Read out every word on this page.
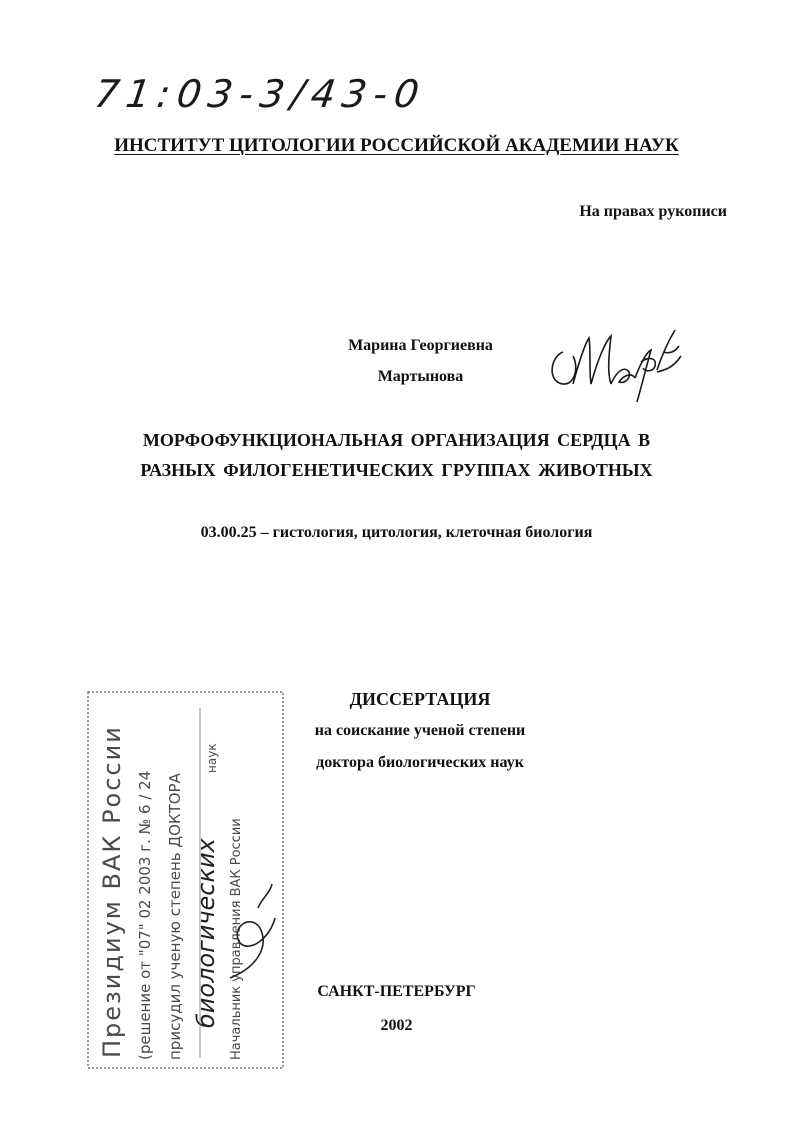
71:03-3/43-0
ИНСТИТУТ ЦИТОЛОГИИ РОССИЙСКОЙ АКАДЕМИИ НАУК
На правах рукописи
Марина Георгиевна
Мартынова
МОРФОФУНКЦИОНАЛЬНАЯ ОРГАНИЗАЦИЯ СЕРДЦА В
РАЗНЫХ ФИЛОГЕНЕТИЧЕСКИХ ГРУППАХ ЖИВОТНЫХ
03.00.25 – гистология, цитология, клеточная биология
ДИССЕРТАЦИЯ
на соискание ученой степени
доктора биологических наук
Президиум ВАК России (решение от "07" 02 2003 г. № 6 / 24 присудил ученую степень ДОКТОРА биологических
наук
Начальник управления ВАК России	САНКТ-ПЕТЕРБУРГ
2002
